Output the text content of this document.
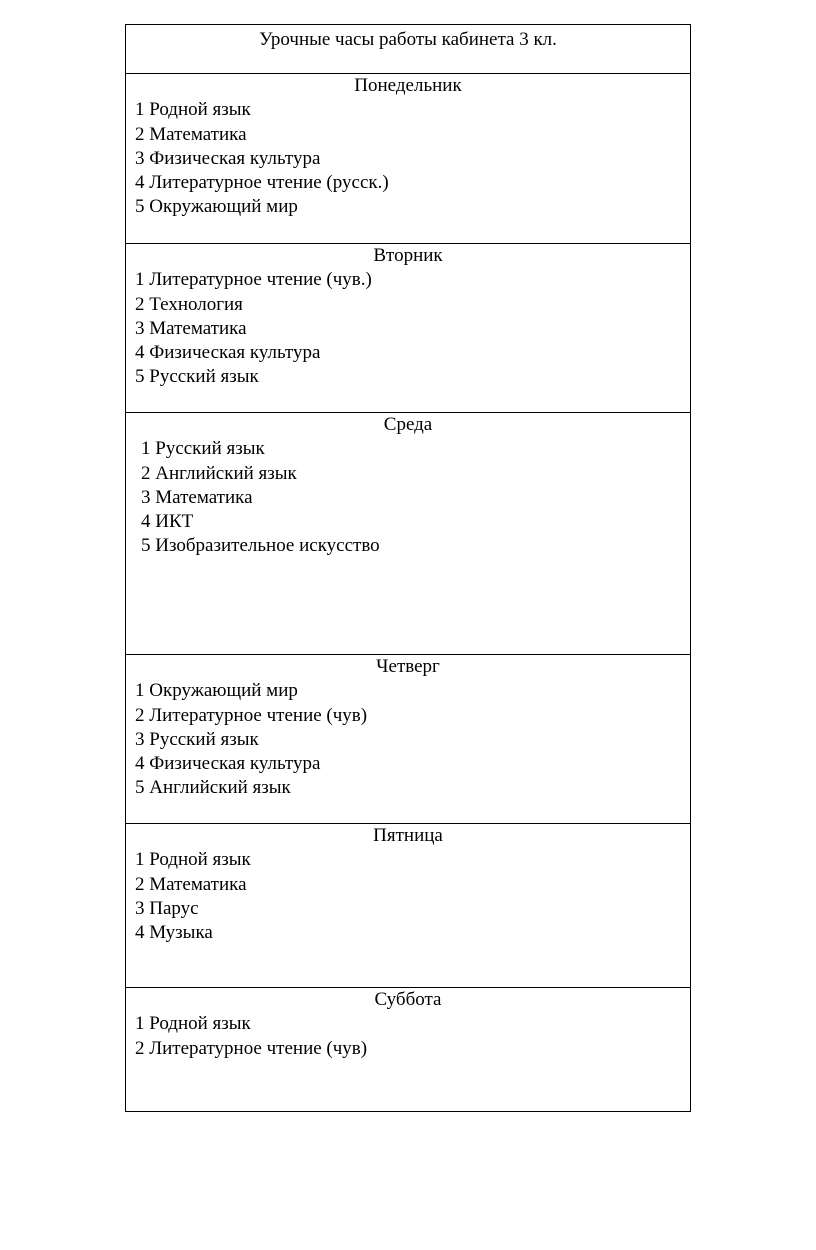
Урочные часы работы кабинета 3 кл.

Понедельник
1 Родной язык
2 Математика
3 Физическая культура
4 Литературное чтение (русск.)
5 Окружающий мир

Вторник
1 Литературное чтение (чув.)
2 Технология
3 Математика
4 Физическая культура
5 Русский язык

Среда
1 Русский язык
2 Английский язык
3 Математика
4 ИКТ
5 Изобразительное искусство

Четверг
1 Окружающий мир
2 Литературное чтение (чув)
3 Русский язык
4 Физическая культура
5 Английский язык

Пятница
1 Родной язык
2 Математика
3 Парус
4 Музыка

Суббота
1 Родной язык
2 Литературное чтение (чув)
